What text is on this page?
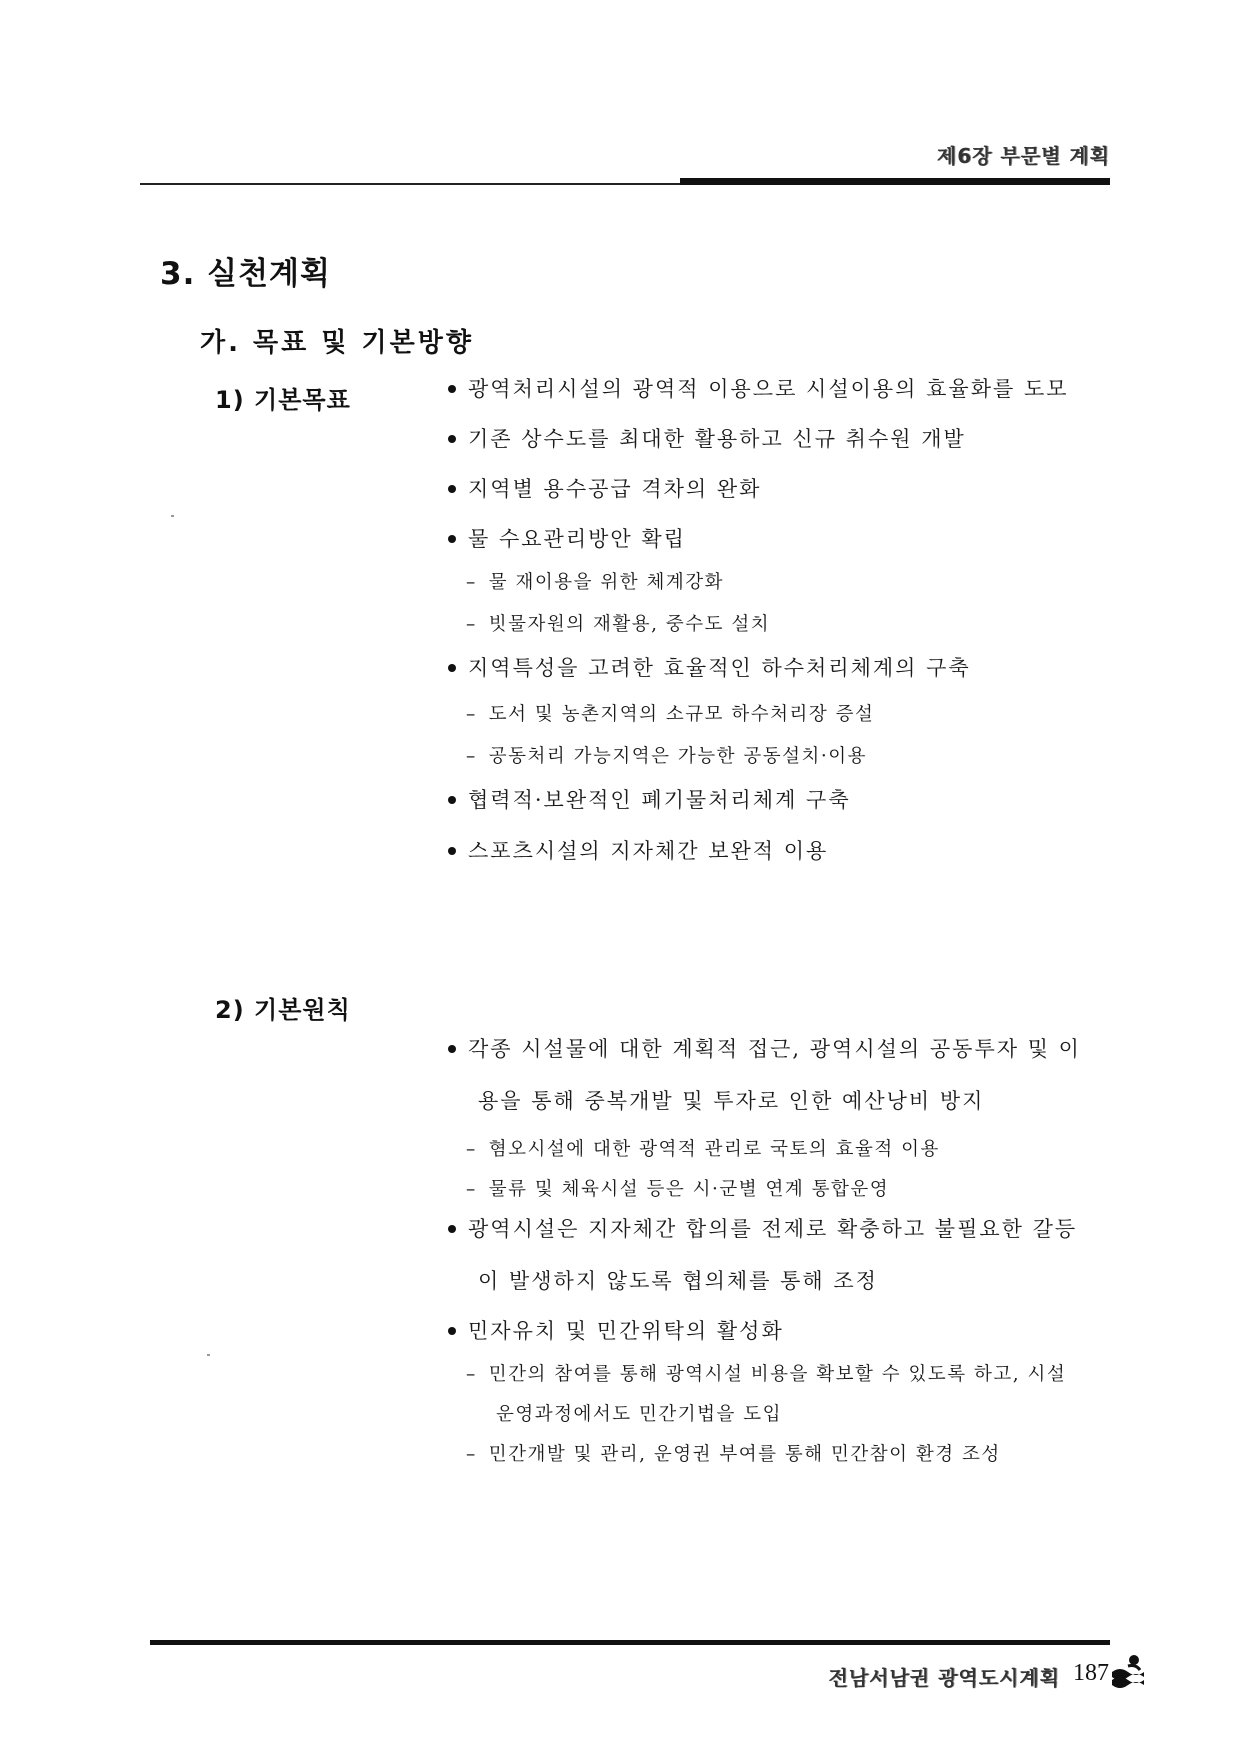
제6장 부문별 계획
3. 실천계획
가. 목표 및 기본방향
1) 기본목표	광역처리시설의 광역적 이용으로 시설이용의 효율화를 도모
기존 상수도를 최대한 활용하고 신규 취수원 개발
지역별 용수공급 격차의 완화
물 수요관리방안 확립
– 물 재이용을 위한 체계강화
– 빗물자원의 재활용, 중수도 설치
지역특성을 고려한 효율적인 하수처리체계의 구축
– 도서 및 농촌지역의 소규모 하수처리장 증설
– 공동처리 가능지역은 가능한 공동설치·이용
협력적·보완적인 폐기물처리체계 구축
스포츠시설의 지자체간 보완적 이용
2) 기본원칙
각종 시설물에 대한 계획적 접근, 광역시설의 공동투자 및 이
용을 통해 중복개발 및 투자로 인한 예산낭비 방지
– 혐오시설에 대한 광역적 관리로 국토의 효율적 이용
– 물류 및 체육시설 등은 시·군별 연계 통합운영
광역시설은 지자체간 합의를 전제로 확충하고 불필요한 갈등
이 발생하지 않도록 협의체를 통해 조정
민자유치 및 민간위탁의 활성화
– 민간의 참여를 통해 광역시설 비용을 확보할 수 있도록 하고, 시설
운영과정에서도 민간기법을 도입
– 민간개발 및 관리, 운영권 부여를 통해 민간참이 환경 조성
전남서남권 광역도시계획 187
